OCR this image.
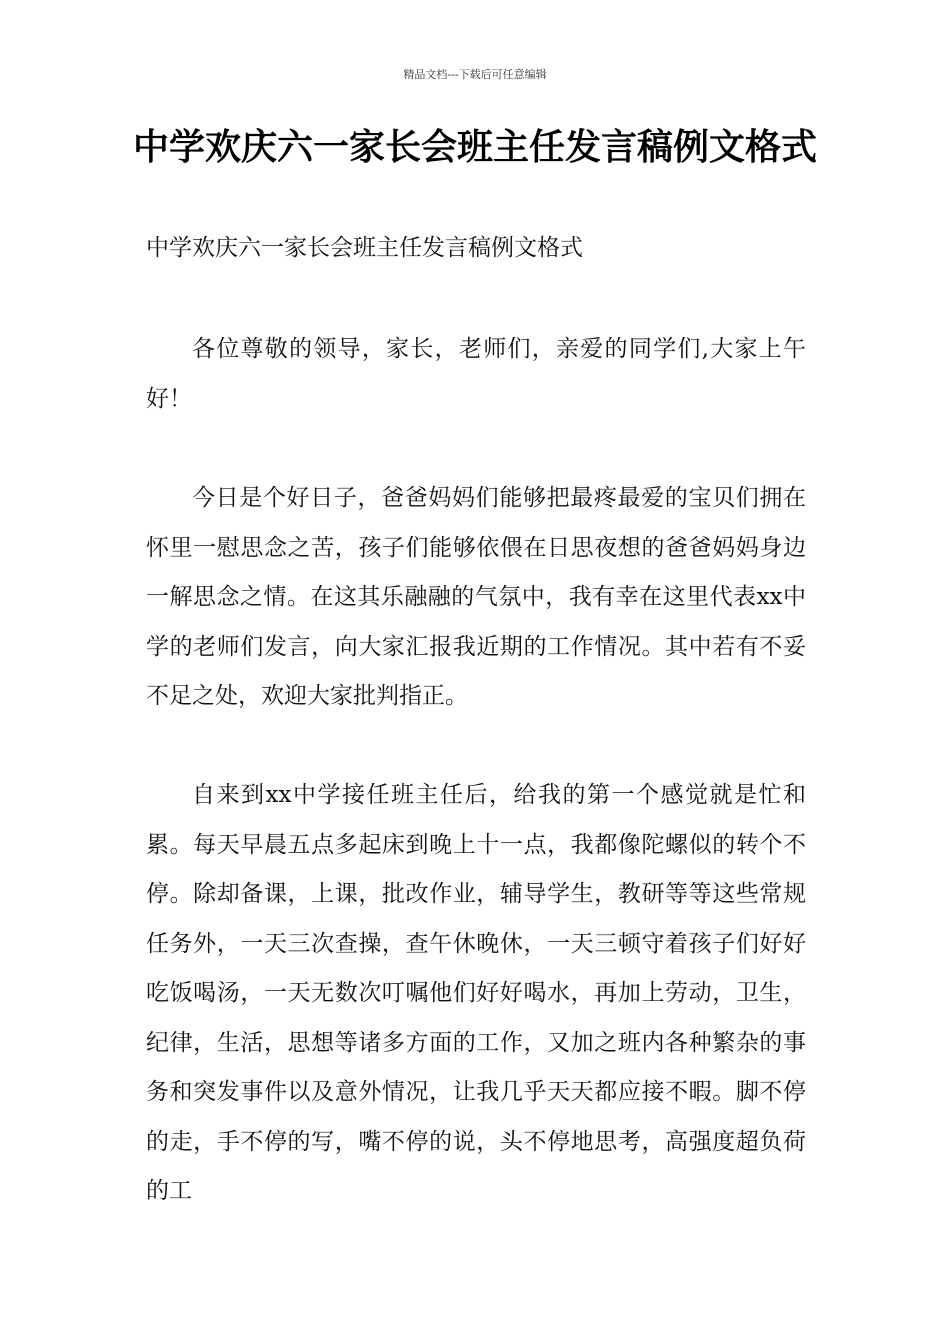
精品文档---下载后可任意编辑
中学欢庆六一家长会班主任发言稿例文格式
中学欢庆六一家长会班主任发言稿例文格式

各位尊敬的领导，家长，老师们，亲爱的同学们,大家上午好！

今日是个好日子，爸爸妈妈们能够把最疼最爱的宝贝们拥在怀里一慰思念之苦，孩子们能够依偎在日思夜想的爸爸妈妈身边一解思念之情。在这其乐融融的气氛中，我有幸在这里代表xx中学的老师们发言，向大家汇报我近期的工作情况。其中若有不妥不足之处，欢迎大家批判指正。

自来到xx中学接任班主任后，给我的第一个感觉就是忙和累。每天早晨五点多起床到晚上十一点，我都像陀螺似的转个不停。除却备课，上课，批改作业，辅导学生，教研等等这些常规任务外，一天三次查操，查午休晚休，一天三顿守着孩子们好好吃饭喝汤，一天无数次叮嘱他们好好喝水，再加上劳动，卫生，纪律，生活，思想等诸多方面的工作，又加之班内各种繁杂的事务和突发事件以及意外情况，让我几乎天天都应接不暇。脚不停的走，手不停的写，嘴不停的说，头不停地思考，高强度超负荷的工
